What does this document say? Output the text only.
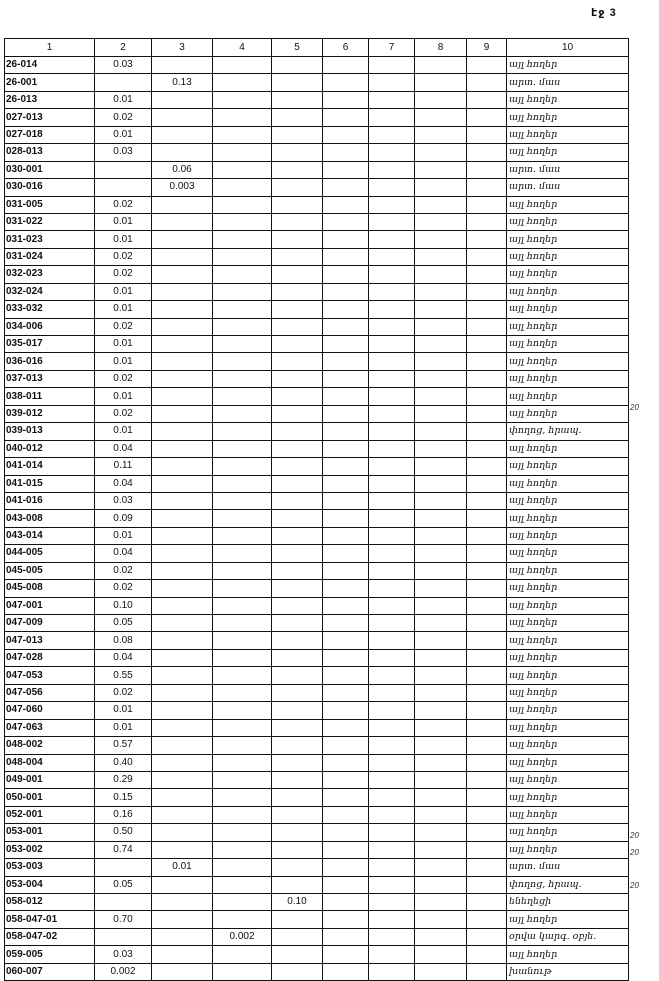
էջ 3
1	2	3	4	5	6	7	8	9	10
26-014	0.03								այլ հողեր
26-001		0.13							արտ. մաս
26-013	0.01								այլ հողեր
027-013	0.02								այլ հողեր
027-018	0.01								այլ հողեր
028-013	0.03								այլ հողեր
030-001		0.06							արտ. մաս
030-016		0.003							արտ. մաս
031-005	0.02								այլ հողեր
031-022	0.01								այլ հողեր
031-023	0.01								այլ հողեր
031-024	0.02								այլ հողեր
032-023	0.02								այլ հողեր
032-024	0.01								այլ հողեր
033-032	0.01								այլ հողեր
034-006	0.02								այլ հողեր
035-017	0.01								այլ հողեր
036-016	0.01								այլ հողեր
037-013	0.02								այլ հողեր
038-011	0.01								այլ հողեր
039-012	0.02								այլ հողեր
039-013	0.01								փողոց, հրապ.
040-012	0.04								այլ հողեր
041-014	0.11								այլ հողեր
041-015	0.04								այլ հողեր
041-016	0.03								այլ հողեր
043-008	0.09								այլ հողեր
043-014	0.01								այլ հողեր
044-005	0.04								այլ հողեր
045-005	0.02								այլ հողեր
045-008	0.02								այլ հողեր
047-001	0.10								այլ հողեր
047-009	0.05								այլ հողեր
047-013	0.08								այլ հողեր
047-028	0.04								այլ հողեր
047-053	0.55								այլ հողեր
047-056	0.02								այլ հողեր
047-060	0.01								այլ հողեր
047-063	0.01								այլ հողեր
048-002	0.57								այլ հողեր
048-004	0.40								այլ հողեր
049-001	0.29								այլ հողեր
050-001	0.15								այլ հողեր
052-001	0.16								այլ հողեր
053-001	0.50								այլ հողեր
053-002	0.74								այլ հողեր
053-003		0.01							արտ. մաս
053-004	0.05								փողոց, հրապ.
058-012				0.10					ենեղեցի
058-047-01	0.70								այլ հողեր
058-047-02			0.002						օրվա կարգ. օբյե.
059-005	0.03								այլ հողեր
060-007	0.002								խանութ
20
20
20
20
